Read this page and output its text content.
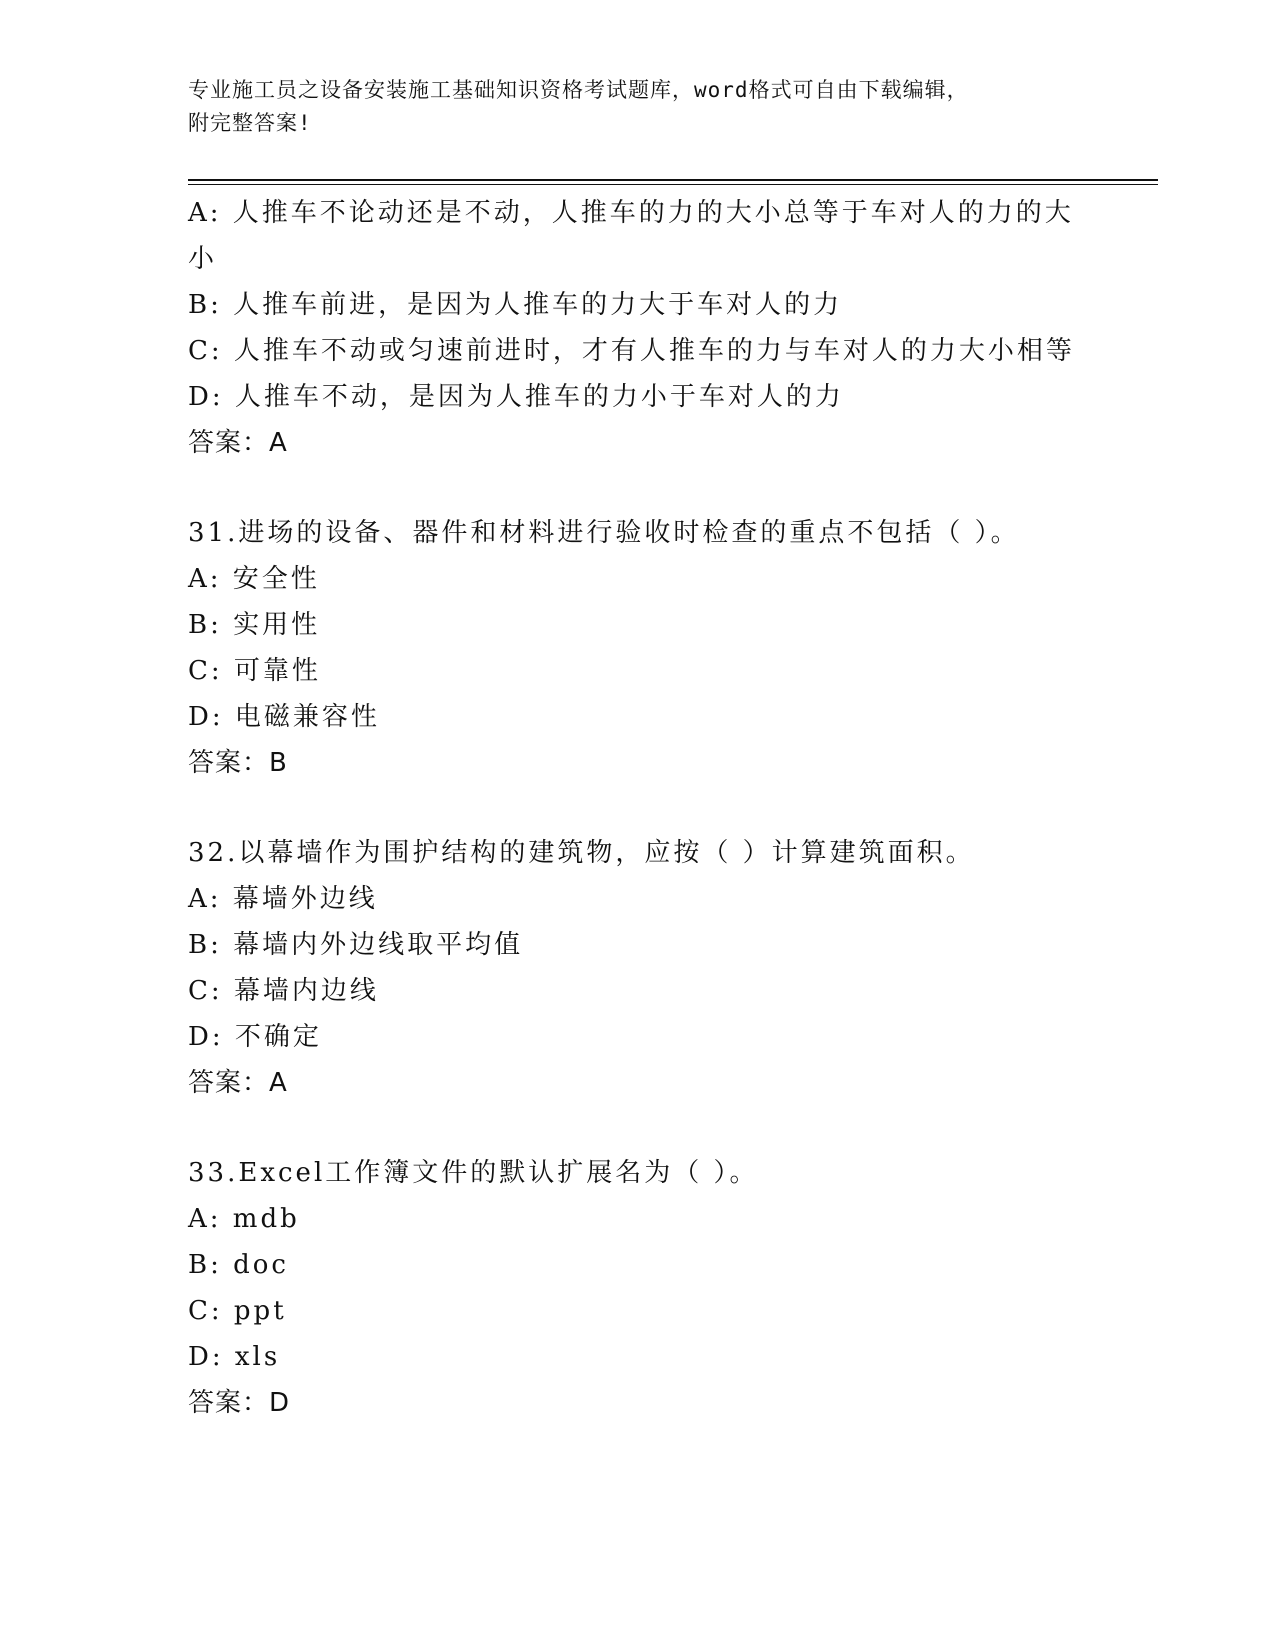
专业施工员之设备安装施工基础知识资格考试题库，word格式可自由下载编辑，
附完整答案!
A: 人推车不论动还是不动，人推车的力的大小总等于车对人的力的大
小
B: 人推车前进，是因为人推车的力大于车对人的力
C: 人推车不动或匀速前进时，才有人推车的力与车对人的力大小相等
D: 人推车不动，是因为人推车的力小于车对人的力
答案：A
31.进场的设备、器件和材料进行验收时检查的重点不包括（ ）。
A: 安全性
B: 实用性
C: 可靠性
D: 电磁兼容性
答案：B
32.以幕墙作为围护结构的建筑物，应按（ ）计算建筑面积。
A: 幕墙外边线
B: 幕墙内外边线取平均值
C: 幕墙内边线
D: 不确定
答案：A
33.Excel工作簿文件的默认扩展名为（ ）。
A: mdb
B: doc
C: ppt
D: xls
答案：D
